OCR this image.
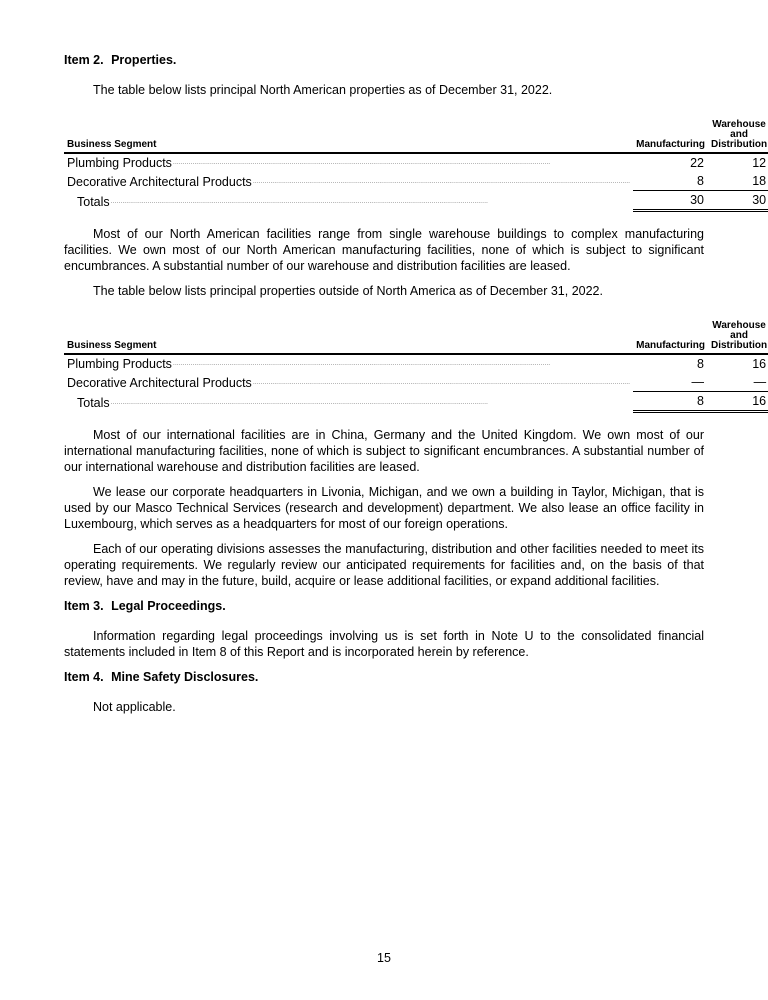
Item 2. Properties.

The table below lists principal North American properties as of December 31, 2022.

Business Segment		Manufacturing		Warehouse and Distribution

Plumbing Products ..................................................................................................................................................................................................		22		12

Decorative Architectural Products ..................................................................................................................................................................................................		8		18

Totals ..................................................................................................................................................................................................		30		30

Most of our North American facilities range from single warehouse buildings to complex manufacturing facilities. We own most of our North American manufacturing facilities, none of which is subject to significant encumbrances. A substantial number of our warehouse and distribution facilities are leased.

The table below lists principal properties outside of North America as of December 31, 2022.

Business Segment		Manufacturing		Warehouse and Distribution

Plumbing Products ..................................................................................................................................................................................................		8		16

Decorative Architectural Products ..................................................................................................................................................................................................		—		—

Totals ..................................................................................................................................................................................................		8		16

Most of our international facilities are in China, Germany and the United Kingdom. We own most of our international manufacturing facilities, none of which is subject to significant encumbrances. A substantial number of our international warehouse and distribution facilities are leased.

We lease our corporate headquarters in Livonia, Michigan, and we own a building in Taylor, Michigan, that is used by our Masco Technical Services (research and development) department. We also lease an office facility in Luxembourg, which serves as a headquarters for most of our foreign operations.

Each of our operating divisions assesses the manufacturing, distribution and other facilities needed to meet its operating requirements. We regularly review our anticipated requirements for facilities and, on the basis of that review, have and may in the future, build, acquire or lease additional facilities, or expand additional facilities.

Item 3. Legal Proceedings.

Information regarding legal proceedings involving us is set forth in Note U to the consolidated financial statements included in Item 8 of this Report and is incorporated herein by reference.

Item 4. Mine Safety Disclosures.

Not applicable.

15
